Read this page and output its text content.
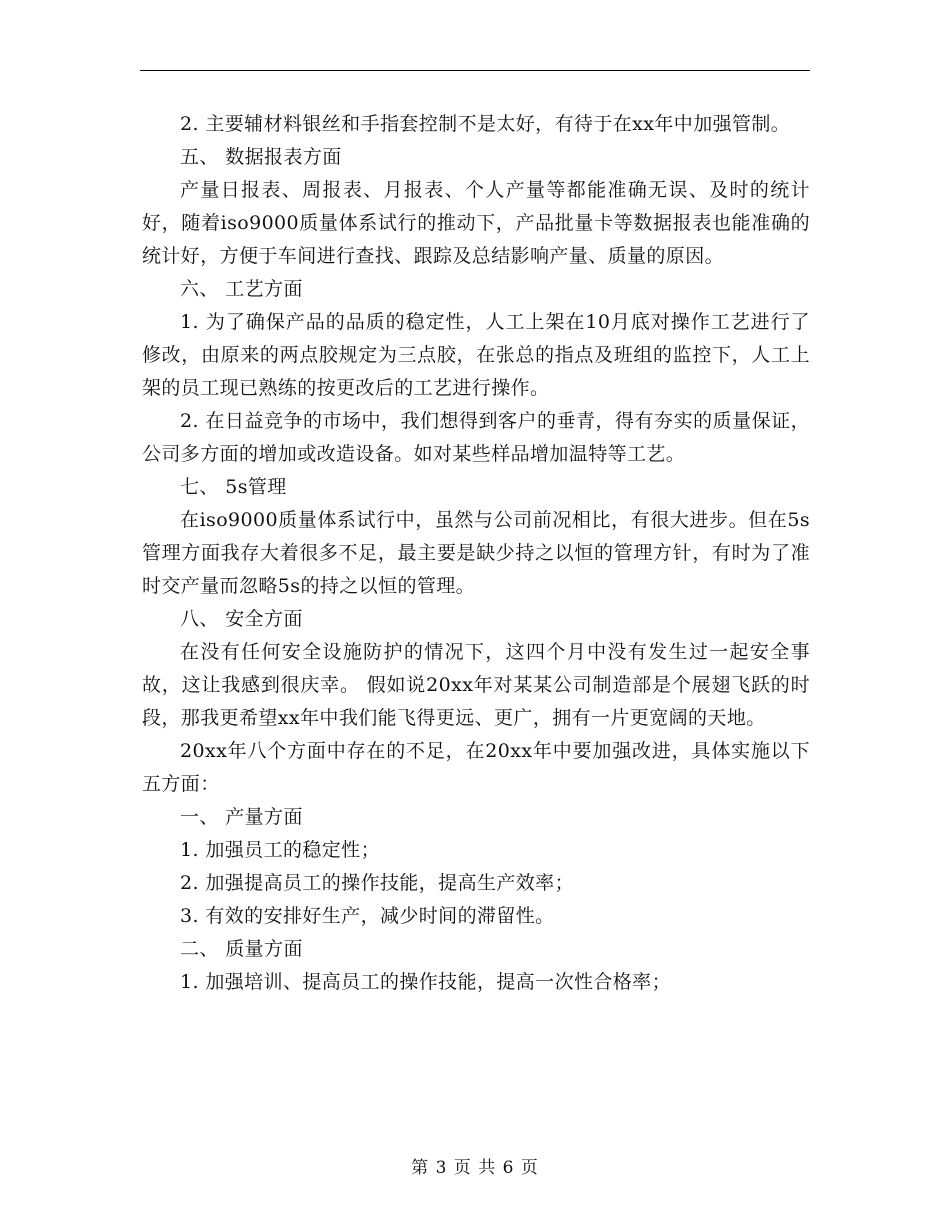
2. 主要辅材料银丝和手指套控制不是太好，有待于在xx年中加强管制。

五、 数据报表方面

产量日报表、周报表、月报表、个人产量等都能准确无误、及时的统计好，随着iso9000质量体系试行的推动下，产品批量卡等数据报表也能准确的统计好，方便于车间进行查找、跟踪及总结影响产量、质量的原因。

六、 工艺方面

1. 为了确保产品的品质的稳定性，人工上架在10月底对操作工艺进行了修改，由原来的两点胶规定为三点胶，在张总的指点及班组的监控下，人工上架的员工现已熟练的按更改后的工艺进行操作。

2. 在日益竞争的市场中，我们想得到客户的垂青，得有夯实的质量保证，公司多方面的增加或改造设备。如对某些样品增加温特等工艺。

七、 5s管理

在iso9000质量体系试行中，虽然与公司前况相比，有很大进步。但在5s管理方面我存大着很多不足，最主要是缺少持之以恒的管理方针，有时为了准时交产量而忽略5s的持之以恒的管理。

八、 安全方面

在没有任何安全设施防护的情况下，这四个月中没有发生过一起安全事故，这让我感到很庆幸。 假如说20xx年对某某公司制造部是个展翅飞跃的时段，那我更希望xx年中我们能飞得更远、更广，拥有一片更宽阔的天地。

20xx年八个方面中存在的不足，在20xx年中要加强改进，具体实施以下五方面：

一、 产量方面

1. 加强员工的稳定性；

2. 加强提高员工的操作技能，提高生产效率；

3. 有效的安排好生产，减少时间的滞留性。

二、 质量方面

1. 加强培训、提高员工的操作技能，提高一次性合格率；

第 3 页 共 6 页
